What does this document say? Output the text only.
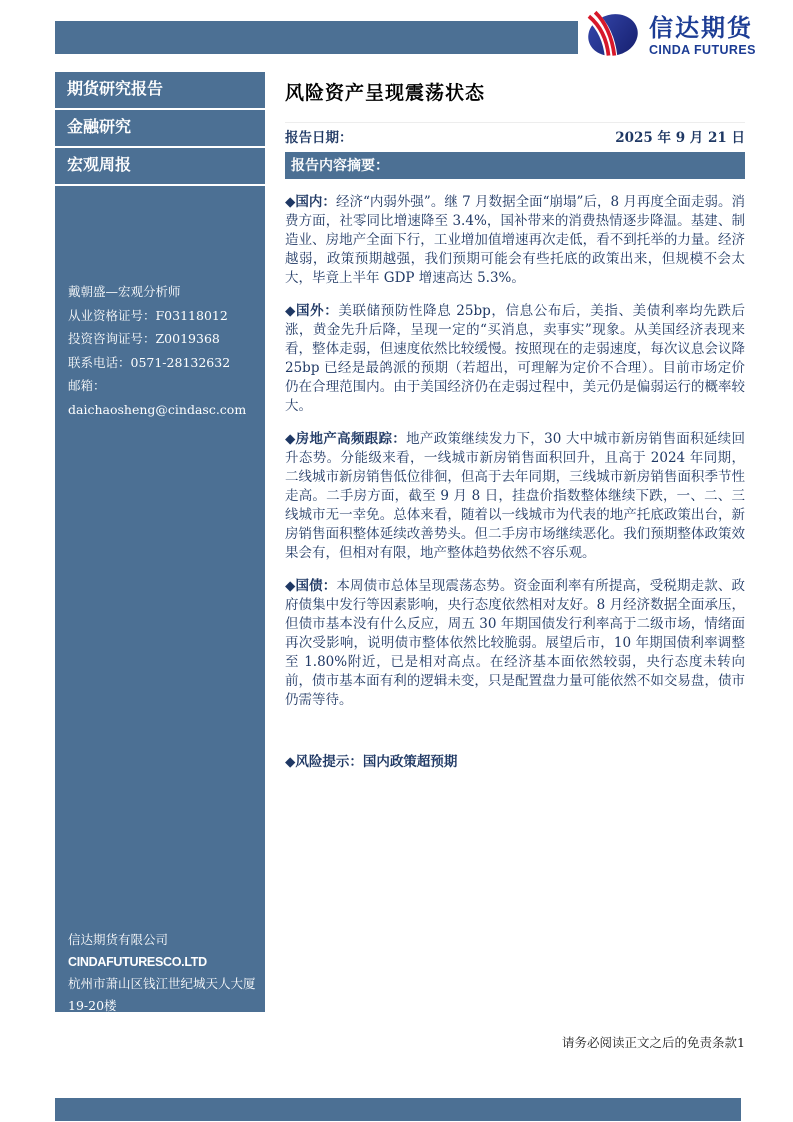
信达期货
CINDA FUTURES
期货研究报告
金融研究
宏观周报
戴朝盛—宏观分析师
从业资格证号：F03118012
投资咨询证号：Z0019368
联系电话：0571-28132632
邮箱：daichaosheng@cindasc.com
信达期货有限公司
CINDAFUTURESCO.LTD
杭州市萧山区钱江世纪城天人大厦19-20楼
邮编：311200
风险资产呈现震荡状态
报告日期：	2025 年 9 月 21 日
报告内容摘要：

◆国内：经济“内弱外强”。继 7 月数据全面“崩塌”后，8 月再度全面走弱。消费方面，社零同比增速降至 3.4%，国补带来的消费热情逐步降温。基建、制造业、房地产全面下行，工业增加值增速再次走低，看不到托举的力量。经济越弱，政策预期越强，我们预期可能会有些托底的政策出来，但规模不会太大，毕竟上半年 GDP 增速高达 5.3%。

◆国外：美联储预防性降息 25bp，信息公布后，美指、美债利率均先跌后涨，黄金先升后降，呈现一定的“买消息，卖事实”现象。从美国经济表现来看，整体走弱，但速度依然比较缓慢。按照现在的走弱速度，每次议息会议降 25bp 已经是最鸽派的预期（若超出，可理解为定价不合理）。目前市场定价仍在合理范围内。由于美国经济仍在走弱过程中，美元仍是偏弱运行的概率较大。

◆房地产高频跟踪：地产政策继续发力下，30 大中城市新房销售面积延续回升态势。分能级来看，一线城市新房销售面积回升，且高于 2024 年同期，二线城市新房销售低位徘徊，但高于去年同期，三线城市新房销售面积季节性走高。二手房方面，截至 9 月 8 日，挂盘价指数整体继续下跌，一、二、三线城市无一幸免。总体来看，随着以一线城市为代表的地产托底政策出台，新房销售面积整体延续改善势头。但二手房市场继续恶化。我们预期整体政策效果会有，但相对有限，地产整体趋势依然不容乐观。

◆国债：本周债市总体呈现震荡态势。资金面利率有所提高，受税期走款、政府债集中发行等因素影响，央行态度依然相对友好。8 月经济数据全面承压，但债市基本没有什么反应，周五 30 年期国债发行利率高于二级市场，情绪面再次受影响，说明债市整体依然比较脆弱。展望后市，10 年期国债利率调整至 1.80%附近，已是相对高点。在经济基本面依然较弱，央行态度未转向前，债市基本面有利的逻辑未变，只是配置盘力量可能依然不如交易盘，债市仍需等待。

◆风险提示：国内政策超预期
请务必阅读正文之后的免责条款1
